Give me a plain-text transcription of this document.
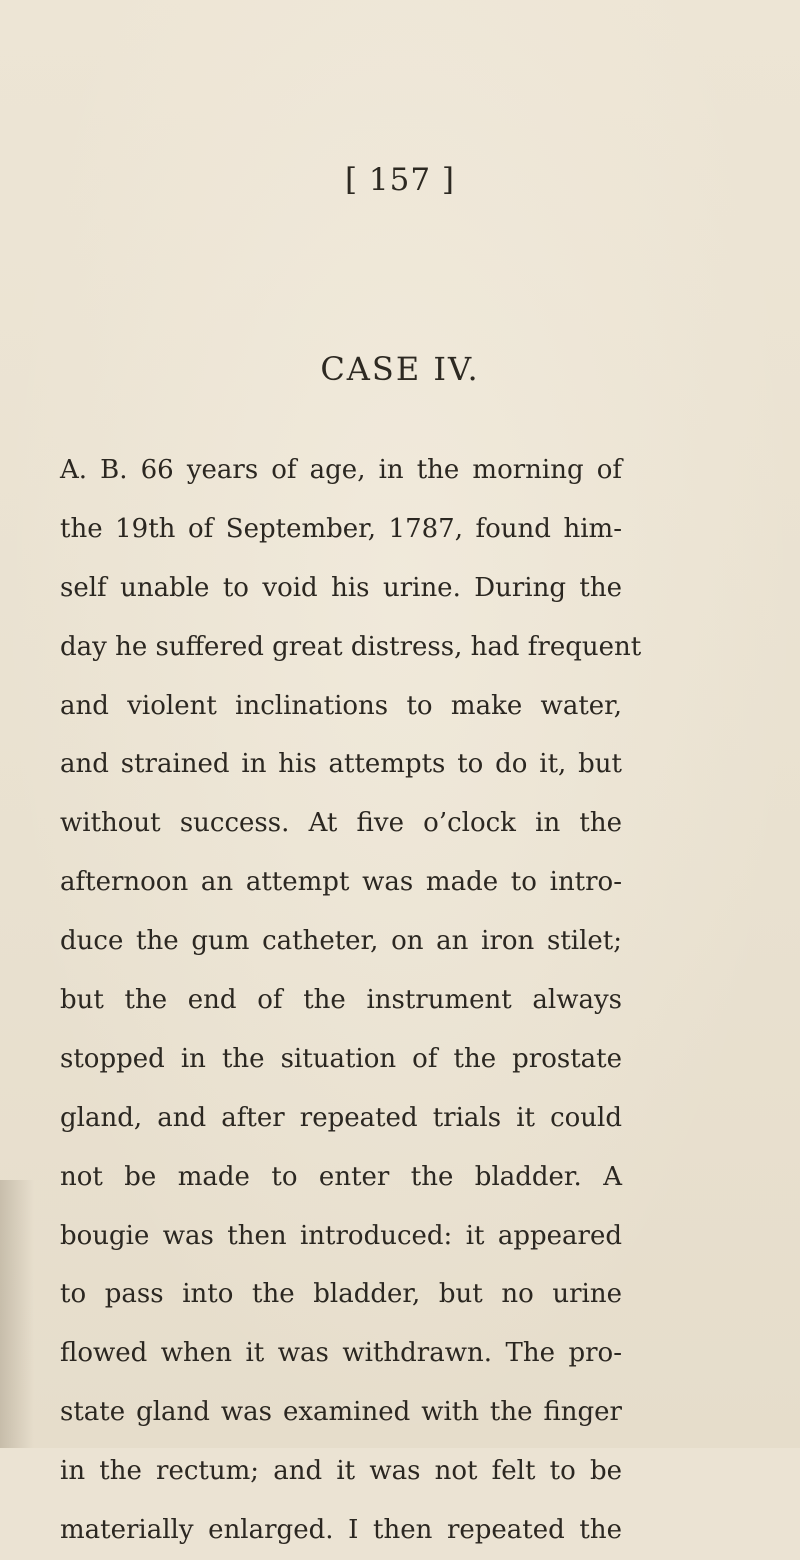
[ 157 ]
CASE IV.
A. B. 66 years of age, in the morning of
the 19th of September, 1787, found him-
self unable to void his urine. During the
day he suffered great distress, had frequent
and violent inclinations to make water,
and strained in his attempts to do it, but
without success. At five o’clock in the
afternoon an attempt was made to intro-
duce the gum catheter, on an iron stilet;
but the end of the instrument always
stopped in the situation of the prostate
gland, and after repeated trials it could
not be made to enter the bladder. A
bougie was then introduced: it appeared
to pass into the bladder, but no urine
flowed when it was withdrawn. The pro-
state gland was examined with the finger
in the rectum; and it was not felt to be
materially enlarged. I then repeated the
